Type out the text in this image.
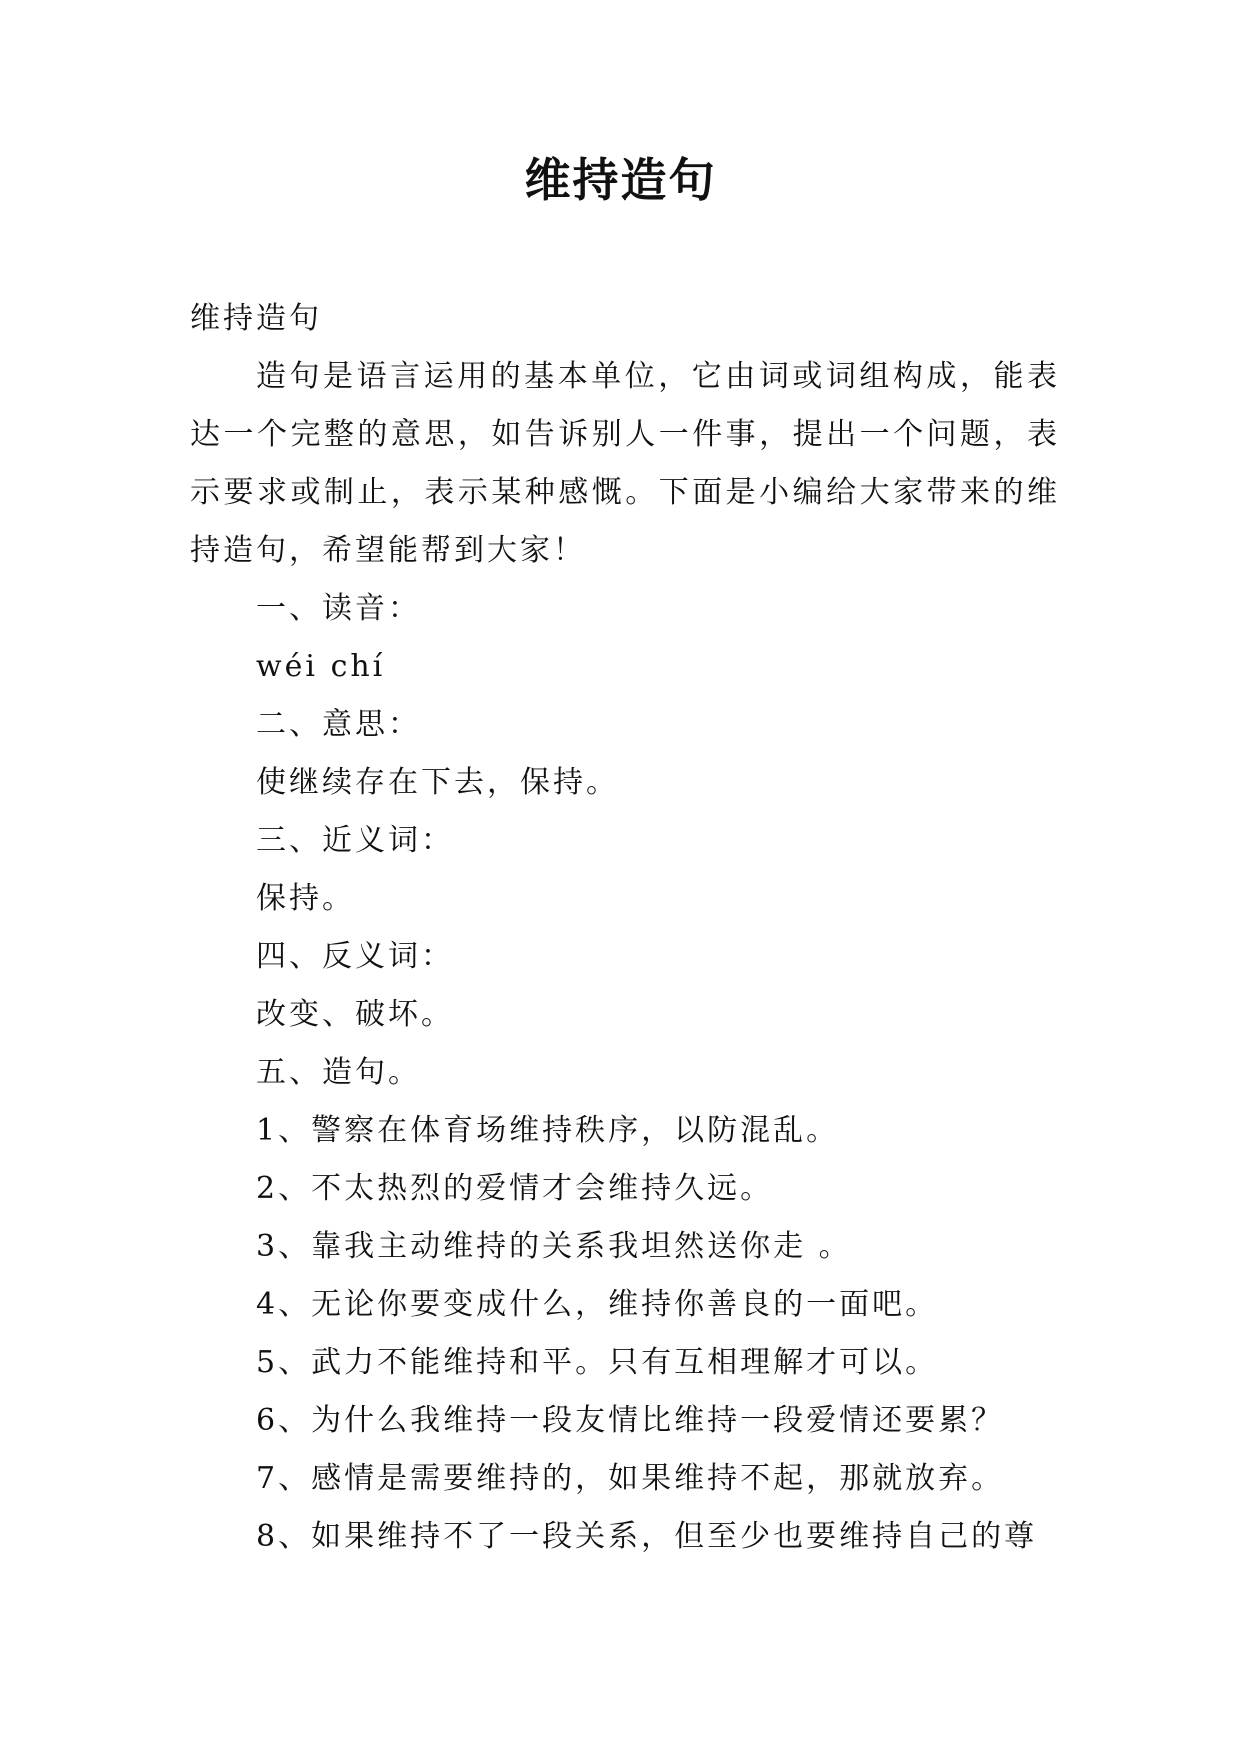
维持造句
维持造句
造句是语言运用的基本单位，它由词或词组构成，能表达一个完整的意思，如告诉别人一件事，提出一个问题，表示要求或制止，表示某种感慨。下面是小编给大家带来的维持造句，希望能帮到大家！
一、读音：
wéi chí
二、意思：
使继续存在下去，保持。
三、近义词：
保持。
四、反义词：
改变、破坏。
五、造句。
1、警察在体育场维持秩序，以防混乱。
2、不太热烈的爱情才会维持久远。
3、靠我主动维持的关系我坦然送你走 。
4、无论你要变成什么，维持你善良的一面吧。
5、武力不能维持和平。只有互相理解才可以。
6、为什么我维持一段友情比维持一段爱情还要累？
7、感情是需要维持的，如果维持不起，那就放弃。
8、如果维持不了一段关系，但至少也要维持自己的尊
